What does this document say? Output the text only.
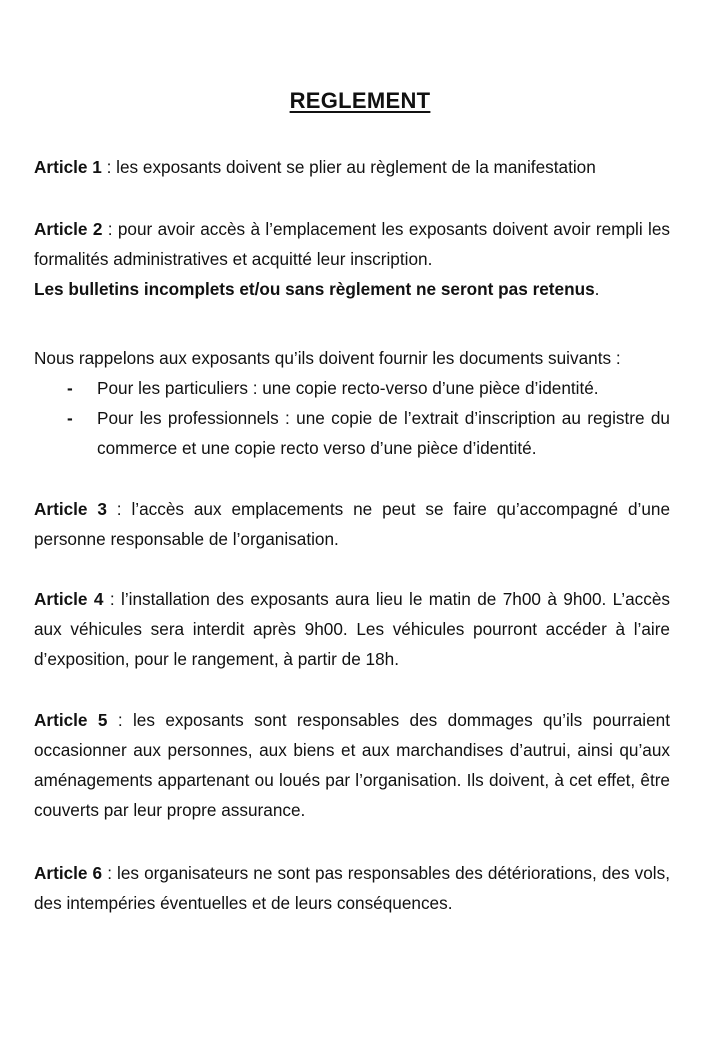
REGLEMENT

Article 1 : les exposants doivent se plier au règlement de la manifestation

Article 2 : pour avoir accès à l’emplacement les exposants doivent avoir rempli les formalités administratives et acquitté leur inscription.

Les bulletins incomplets et/ou sans règlement ne seront pas retenus.

Nous rappelons aux exposants qu’ils doivent fournir les documents suivants :

- Pour les particuliers : une copie recto-verso d’une pièce d’identité.
- Pour les professionnels : une copie de l’extrait d’inscription au registre du commerce et une copie recto verso d’une pièce d’identité.

Article 3 : l’accès aux emplacements ne peut se faire qu’accompagné d’une personne responsable de l’organisation.

Article 4 : l’installation des exposants aura lieu le matin de 7h00 à 9h00. L’accès aux véhicules sera interdit après 9h00. Les véhicules pourront accéder à l’aire d’exposition, pour le rangement, à partir de 18h.

Article 5 : les exposants sont responsables des dommages qu’ils pourraient occasionner aux personnes, aux biens et aux marchandises d’autrui, ainsi qu’aux aménagements appartenant ou loués par l’organisation. Ils doivent, à cet effet, être couverts par leur propre assurance.

Article 6 : les organisateurs ne sont pas responsables des détériorations, des vols, des intempéries éventuelles et de leurs conséquences.
